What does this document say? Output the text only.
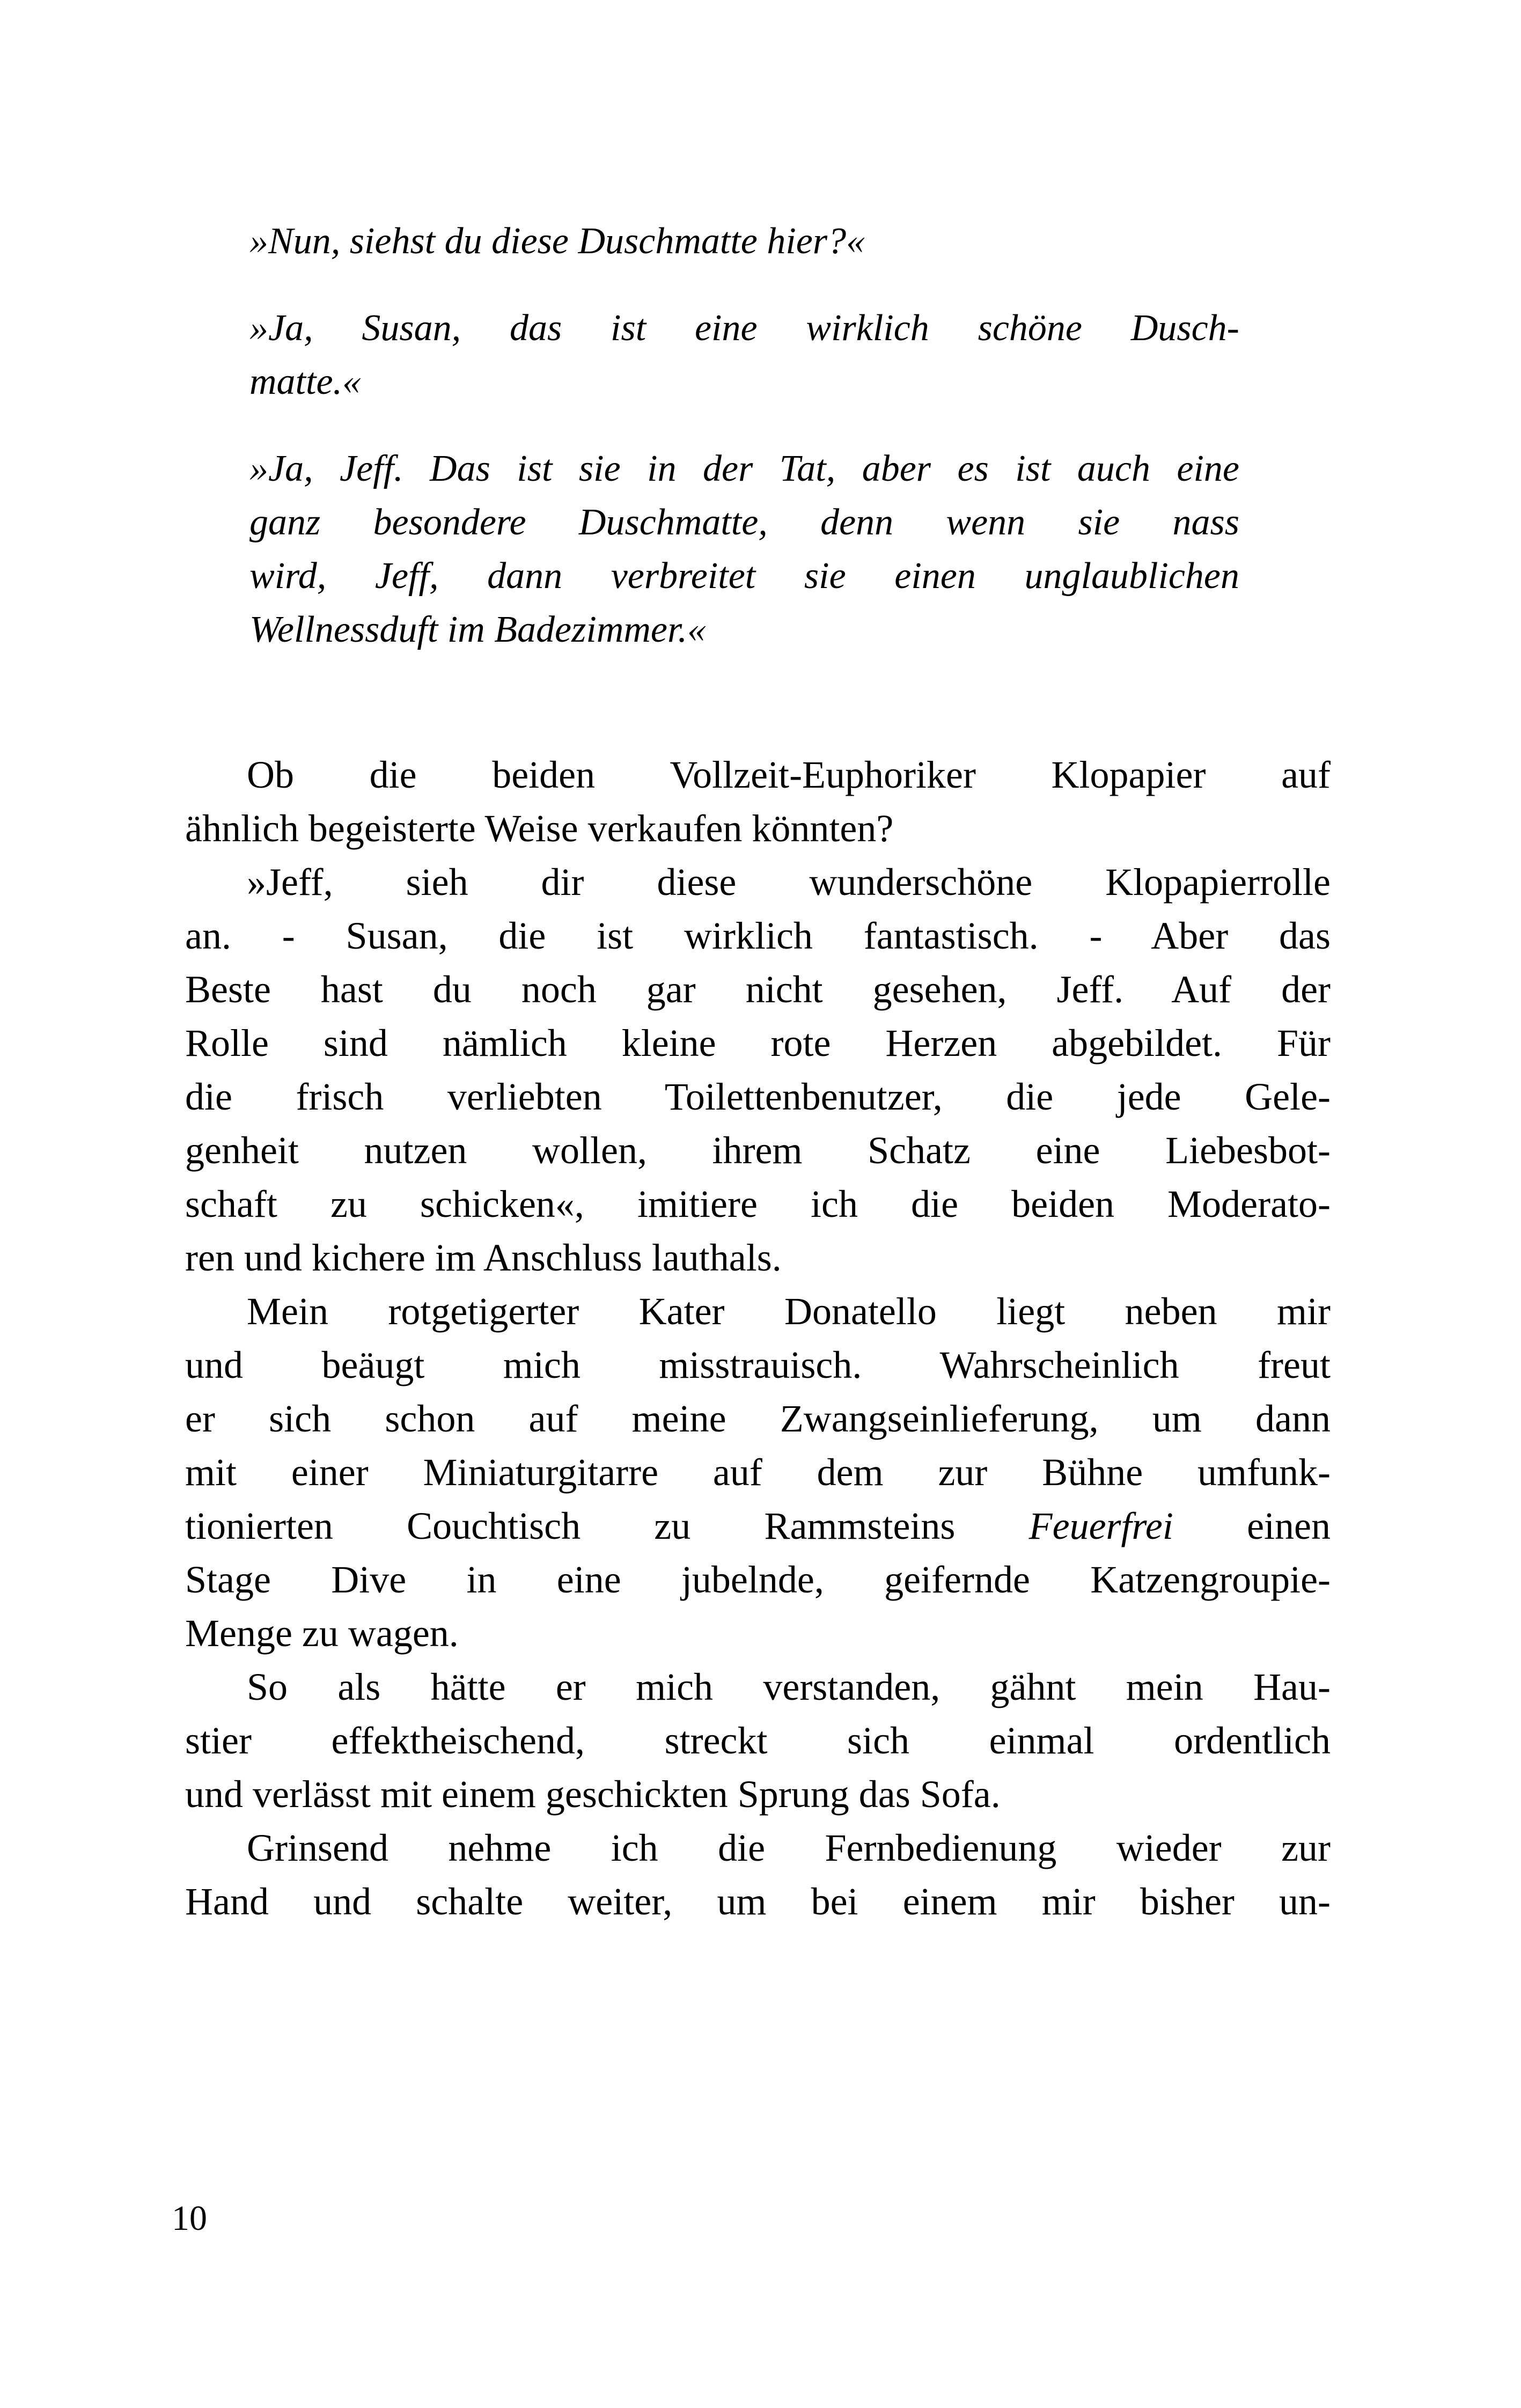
»Nun, siehst du diese Duschmatte hier?«
»Ja, Susan, das ist eine wirklich schöne Dusch-
matte.«
»Ja, Jeff. Das ist sie in der Tat, aber es ist auch eine
ganz besondere Duschmatte, denn wenn sie nass
wird, Jeff, dann verbreitet sie einen unglaublichen
Wellnessduft im Badezimmer.«
Ob die beiden Vollzeit-Euphoriker Klopapier auf
ähnlich begeisterte Weise verkaufen könnten?
»Jeff, sieh dir diese wunderschöne Klopapierrolle
an. - Susan, die ist wirklich fantastisch. - Aber das
Beste hast du noch gar nicht gesehen, Jeff. Auf der
Rolle sind nämlich kleine rote Herzen abgebildet. Für
die frisch verliebten Toilettenbenutzer, die jede Gele-
genheit nutzen wollen, ihrem Schatz eine Liebesbot-
schaft zu schicken«, imitiere ich die beiden Moderato-
ren und kichere im Anschluss lauthals.
Mein rotgetigerter Kater Donatello liegt neben mir
und beäugt mich misstrauisch. Wahrscheinlich freut
er sich schon auf meine Zwangseinlieferung, um dann
mit einer Miniaturgitarre auf dem zur Bühne umfunk-
tionierten Couchtisch zu Rammsteins Feuerfrei einen
Stage Dive in eine jubelnde, geifernde Katzengroupie-
Menge zu wagen.
So als hätte er mich verstanden, gähnt mein Hau-
stier effektheischend, streckt sich einmal ordentlich
und verlässt mit einem geschickten Sprung das Sofa.
Grinsend nehme ich die Fernbedienung wieder zur
Hand und schalte weiter, um bei einem mir bisher un-
10
